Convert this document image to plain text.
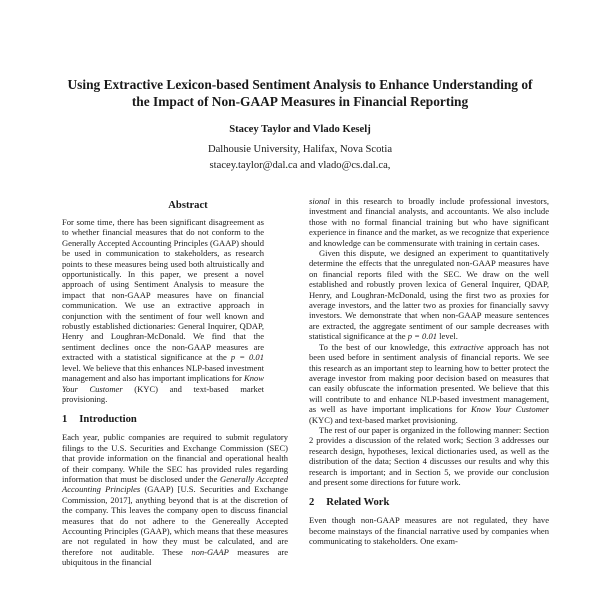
Using Extractive Lexicon-based Sentiment Analysis to Enhance Understanding of
the Impact of Non-GAAP Measures in Financial Reporting
Stacey Taylor and Vlado Keselj
Dalhousie University, Halifax, Nova Scotia
stacey.taylor@dal.ca and vlado@cs.dal.ca,
Abstract

For some time, there has been significant disagreement as to whether financial measures that do not conform to the Generally Accepted Accounting Principles (GAAP) should be used in communication to stakeholders, as research points to these measures being used both altruistically and opportunistically. In this paper, we present a novel approach of using Sentiment Analysis to measure the impact that non-GAAP measures have on financial communication. We use an extractive approach in conjunction with the sentiment of four well known and robustly established dictionaries: General Inquirer, QDAP, Henry and Loughran-McDonald. We find that the sentiment declines once the non-GAAP measures are extracted with a statistical significance at the p = 0.01 level. We believe that this enhances NLP-based investment management and also has important implications for Know Your Customer (KYC) and text-based market provisioning.

1 Introduction

Each year, public companies are required to submit regulatory filings to the U.S. Securities and Exchange Commission (SEC) that provide information on the financial and operational health of their company. While the SEC has provided rules regarding information that must be disclosed under the Generally Accepted Accounting Principles (GAAP) [U.S. Securities and Exchange Commission, 2017], anything beyond that is at the discretion of the company. This leaves the company open to discuss financial measures that do not adhere to the Genereally Accepted Accounting Principles (GAAP), which means that these measures are not regulated in how they must be calculated, and are therefore not auditable. These non-GAAP measures are ubiquitous in the financial

sional in this research to broadly include professional investors, investment and financial analysts, and accountants. We also include those with no formal financial training but who have significant experience in finance and the market, as we recognize that experience and knowledge can be commensurate with training in certain cases.

Given this dispute, we designed an experiment to quantitatively determine the effects that the unregulated non-GAAP measures have on financial reports filed with the SEC. We draw on the well established and robustly proven lexica of General Inquirer, QDAP, Henry, and Loughran-McDonald, using the first two as proxies for average investors, and the latter two as proxies for financially savvy investors. We demonstrate that when non-GAAP measure sentences are extracted, the aggregate sentiment of our sample decreases with statistical significance at the p = 0.01 level.

To the best of our knowledge, this extractive approach has not been used before in sentiment analysis of financial reports. We see this research as an important step to learning how to better protect the average investor from making poor decision based on measures that can easily obfuscate the information presented. We believe that this will contribute to and enhance NLP-based investment management, as well as have important implications for Know Your Customer (KYC) and text-based market provisioning.

The rest of our paper is organized in the following manner: Section 2 provides a discussion of the related work; Section 3 addresses our research design, hypotheses, lexical dictionaries used, as well as the distribution of the data; Section 4 discusses our results and why this research is important; and in Section 5, we provide our conclusion and present some directions for future work.

2 Related Work

Even though non-GAAP measures are not regulated, they have become mainstays of the financial narrative used by companies when communicating to stakeholders. One exam-
